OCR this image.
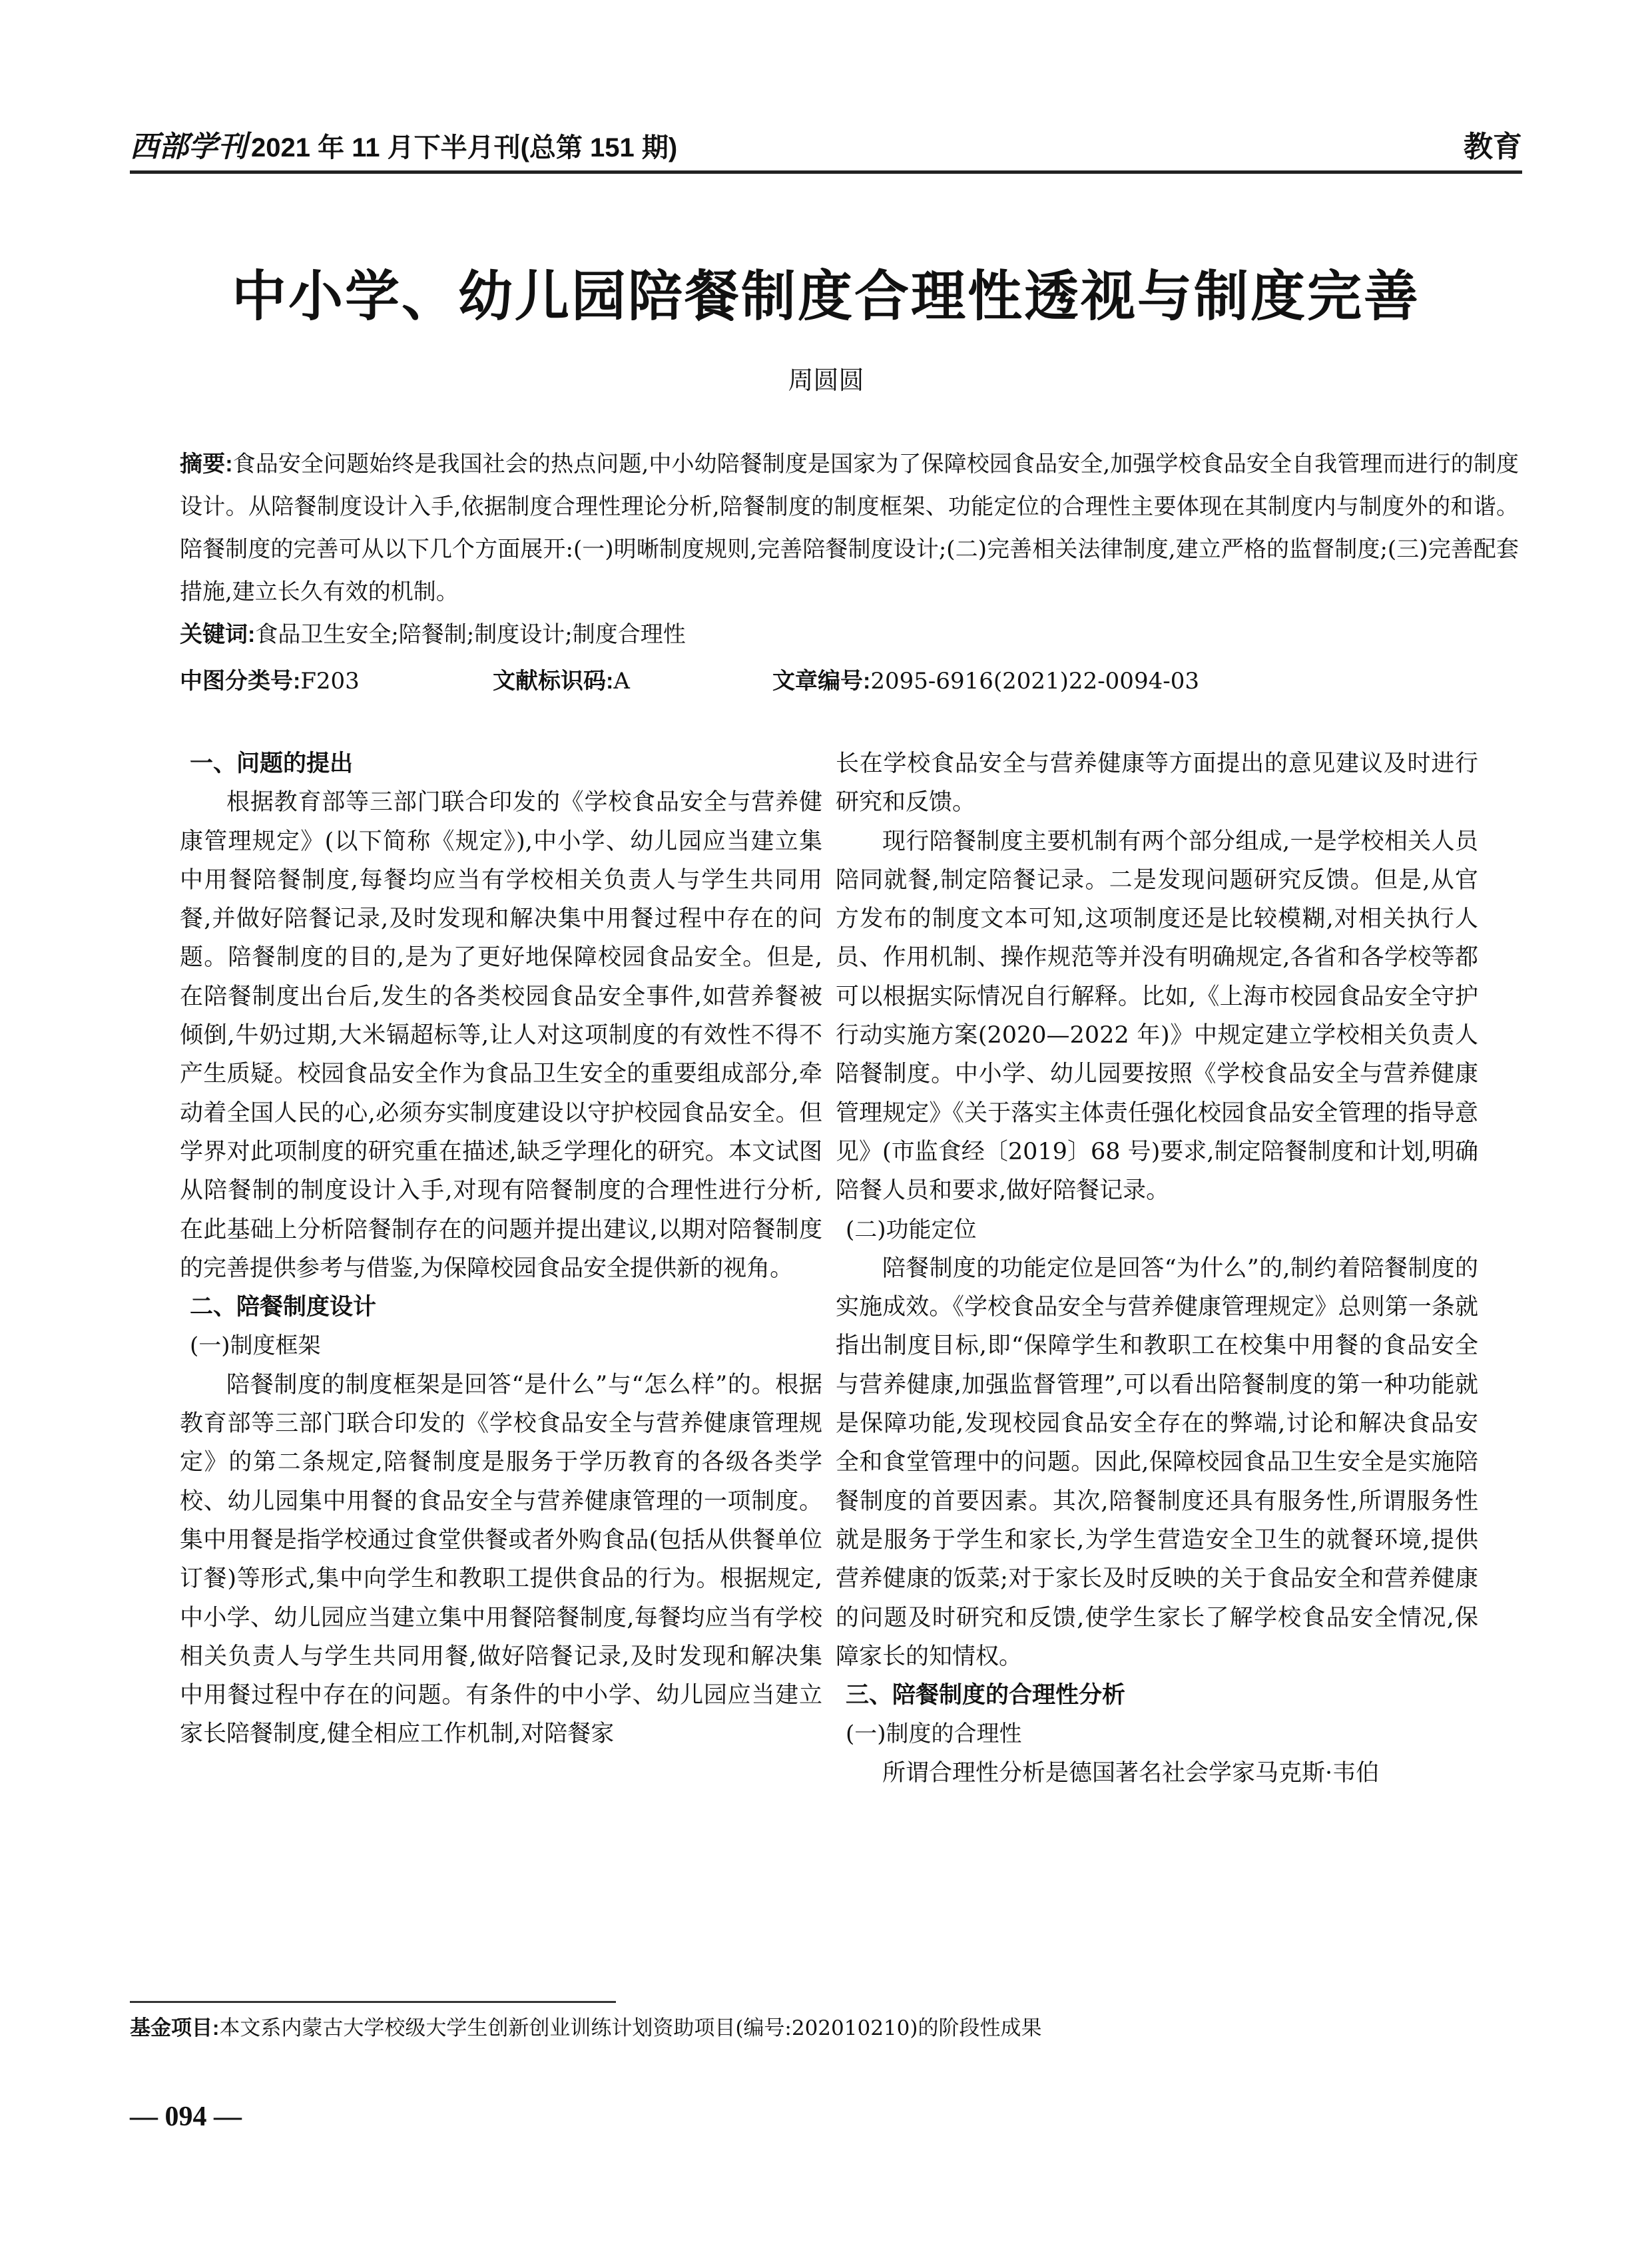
西部学刊 2021 年 11 月下半月刊(总第 151 期)	教育
中小学、幼儿园陪餐制度合理性透视与制度完善
周圆圆
摘要:食品安全问题始终是我国社会的热点问题,中小幼陪餐制度是国家为了保障校园食品安全,加强学校食品安全自我管理而进行的制度设计。从陪餐制度设计入手,依据制度合理性理论分析,陪餐制度的制度框架、功能定位的合理性主要体现在其制度内与制度外的和谐。陪餐制度的完善可从以下几个方面展开:(一)明晰制度规则,完善陪餐制度设计;(二)完善相关法律制度,建立严格的监督制度;(三)完善配套措施,建立长久有效的机制。
关键词:食品卫生安全;陪餐制;制度设计;制度合理性
中图分类号:F203	文献标识码:A	文章编号:2095-6916(2021)22-0094-03
一、问题的提出

根据教育部等三部门联合印发的《学校食品安全与营养健康管理规定》(以下简称《规定》),中小学、幼儿园应当建立集中用餐陪餐制度,每餐均应当有学校相关负责人与学生共同用餐,并做好陪餐记录,及时发现和解决集中用餐过程中存在的问题。陪餐制度的目的,是为了更好地保障校园食品安全。但是,在陪餐制度出台后,发生的各类校园食品安全事件,如营养餐被倾倒,牛奶过期,大米镉超标等,让人对这项制度的有效性不得不产生质疑。校园食品安全作为食品卫生安全的重要组成部分,牵动着全国人民的心,必须夯实制度建设以守护校园食品安全。但学界对此项制度的研究重在描述,缺乏学理化的研究。本文试图从陪餐制的制度设计入手,对现有陪餐制度的合理性进行分析,在此基础上分析陪餐制存在的问题并提出建议,以期对陪餐制度的完善提供参考与借鉴,为保障校园食品安全提供新的视角。

二、陪餐制度设计
(一)制度框架

陪餐制度的制度框架是回答“是什么”与“怎么样”的。根据教育部等三部门联合印发的《学校食品安全与营养健康管理规定》的第二条规定,陪餐制度是服务于学历教育的各级各类学校、幼儿园集中用餐的食品安全与营养健康管理的一项制度。集中用餐是指学校通过食堂供餐或者外购食品(包括从供餐单位订餐)等形式,集中向学生和教职工提供食品的行为。根据规定,中小学、幼儿园应当建立集中用餐陪餐制度,每餐均应当有学校相关负责人与学生共同用餐,做好陪餐记录,及时发现和解决集中用餐过程中存在的问题。有条件的中小学、幼儿园应当建立家长陪餐制度,健全相应工作机制,对陪餐家

长在学校食品安全与营养健康等方面提出的意见建议及时进行研究和反馈。

现行陪餐制度主要机制有两个部分组成,一是学校相关人员陪同就餐,制定陪餐记录。二是发现问题研究反馈。但是,从官方发布的制度文本可知,这项制度还是比较模糊,对相关执行人员、作用机制、操作规范等并没有明确规定,各省和各学校等都可以根据实际情况自行解释。比如,《上海市校园食品安全守护行动实施方案(2020—2022 年)》中规定建立学校相关负责人陪餐制度。中小学、幼儿园要按照《学校食品安全与营养健康管理规定》《关于落实主体责任强化校园食品安全管理的指导意见》(市监食经〔2019〕68 号)要求,制定陪餐制度和计划,明确陪餐人员和要求,做好陪餐记录。

(二)功能定位

陪餐制度的功能定位是回答“为什么”的,制约着陪餐制度的实施成效。《学校食品安全与营养健康管理规定》总则第一条就指出制度目标,即“保障学生和教职工在校集中用餐的食品安全与营养健康,加强监督管理”,可以看出陪餐制度的第一种功能就是保障功能,发现校园食品安全存在的弊端,讨论和解决食品安全和食堂管理中的问题。因此,保障校园食品卫生安全是实施陪餐制度的首要因素。其次,陪餐制度还具有服务性,所谓服务性就是服务于学生和家长,为学生营造安全卫生的就餐环境,提供营养健康的饭菜;对于家长及时反映的关于食品安全和营养健康的问题及时研究和反馈,使学生家长了解学校食品安全情况,保障家长的知情权。

三、陪餐制度的合理性分析
(一)制度的合理性

所谓合理性分析是德国著名社会学家马克斯·韦伯

基金项目:本文系内蒙古大学校级大学生创新创业训练计划资助项目(编号:202010210)的阶段性成果
— 094 —
